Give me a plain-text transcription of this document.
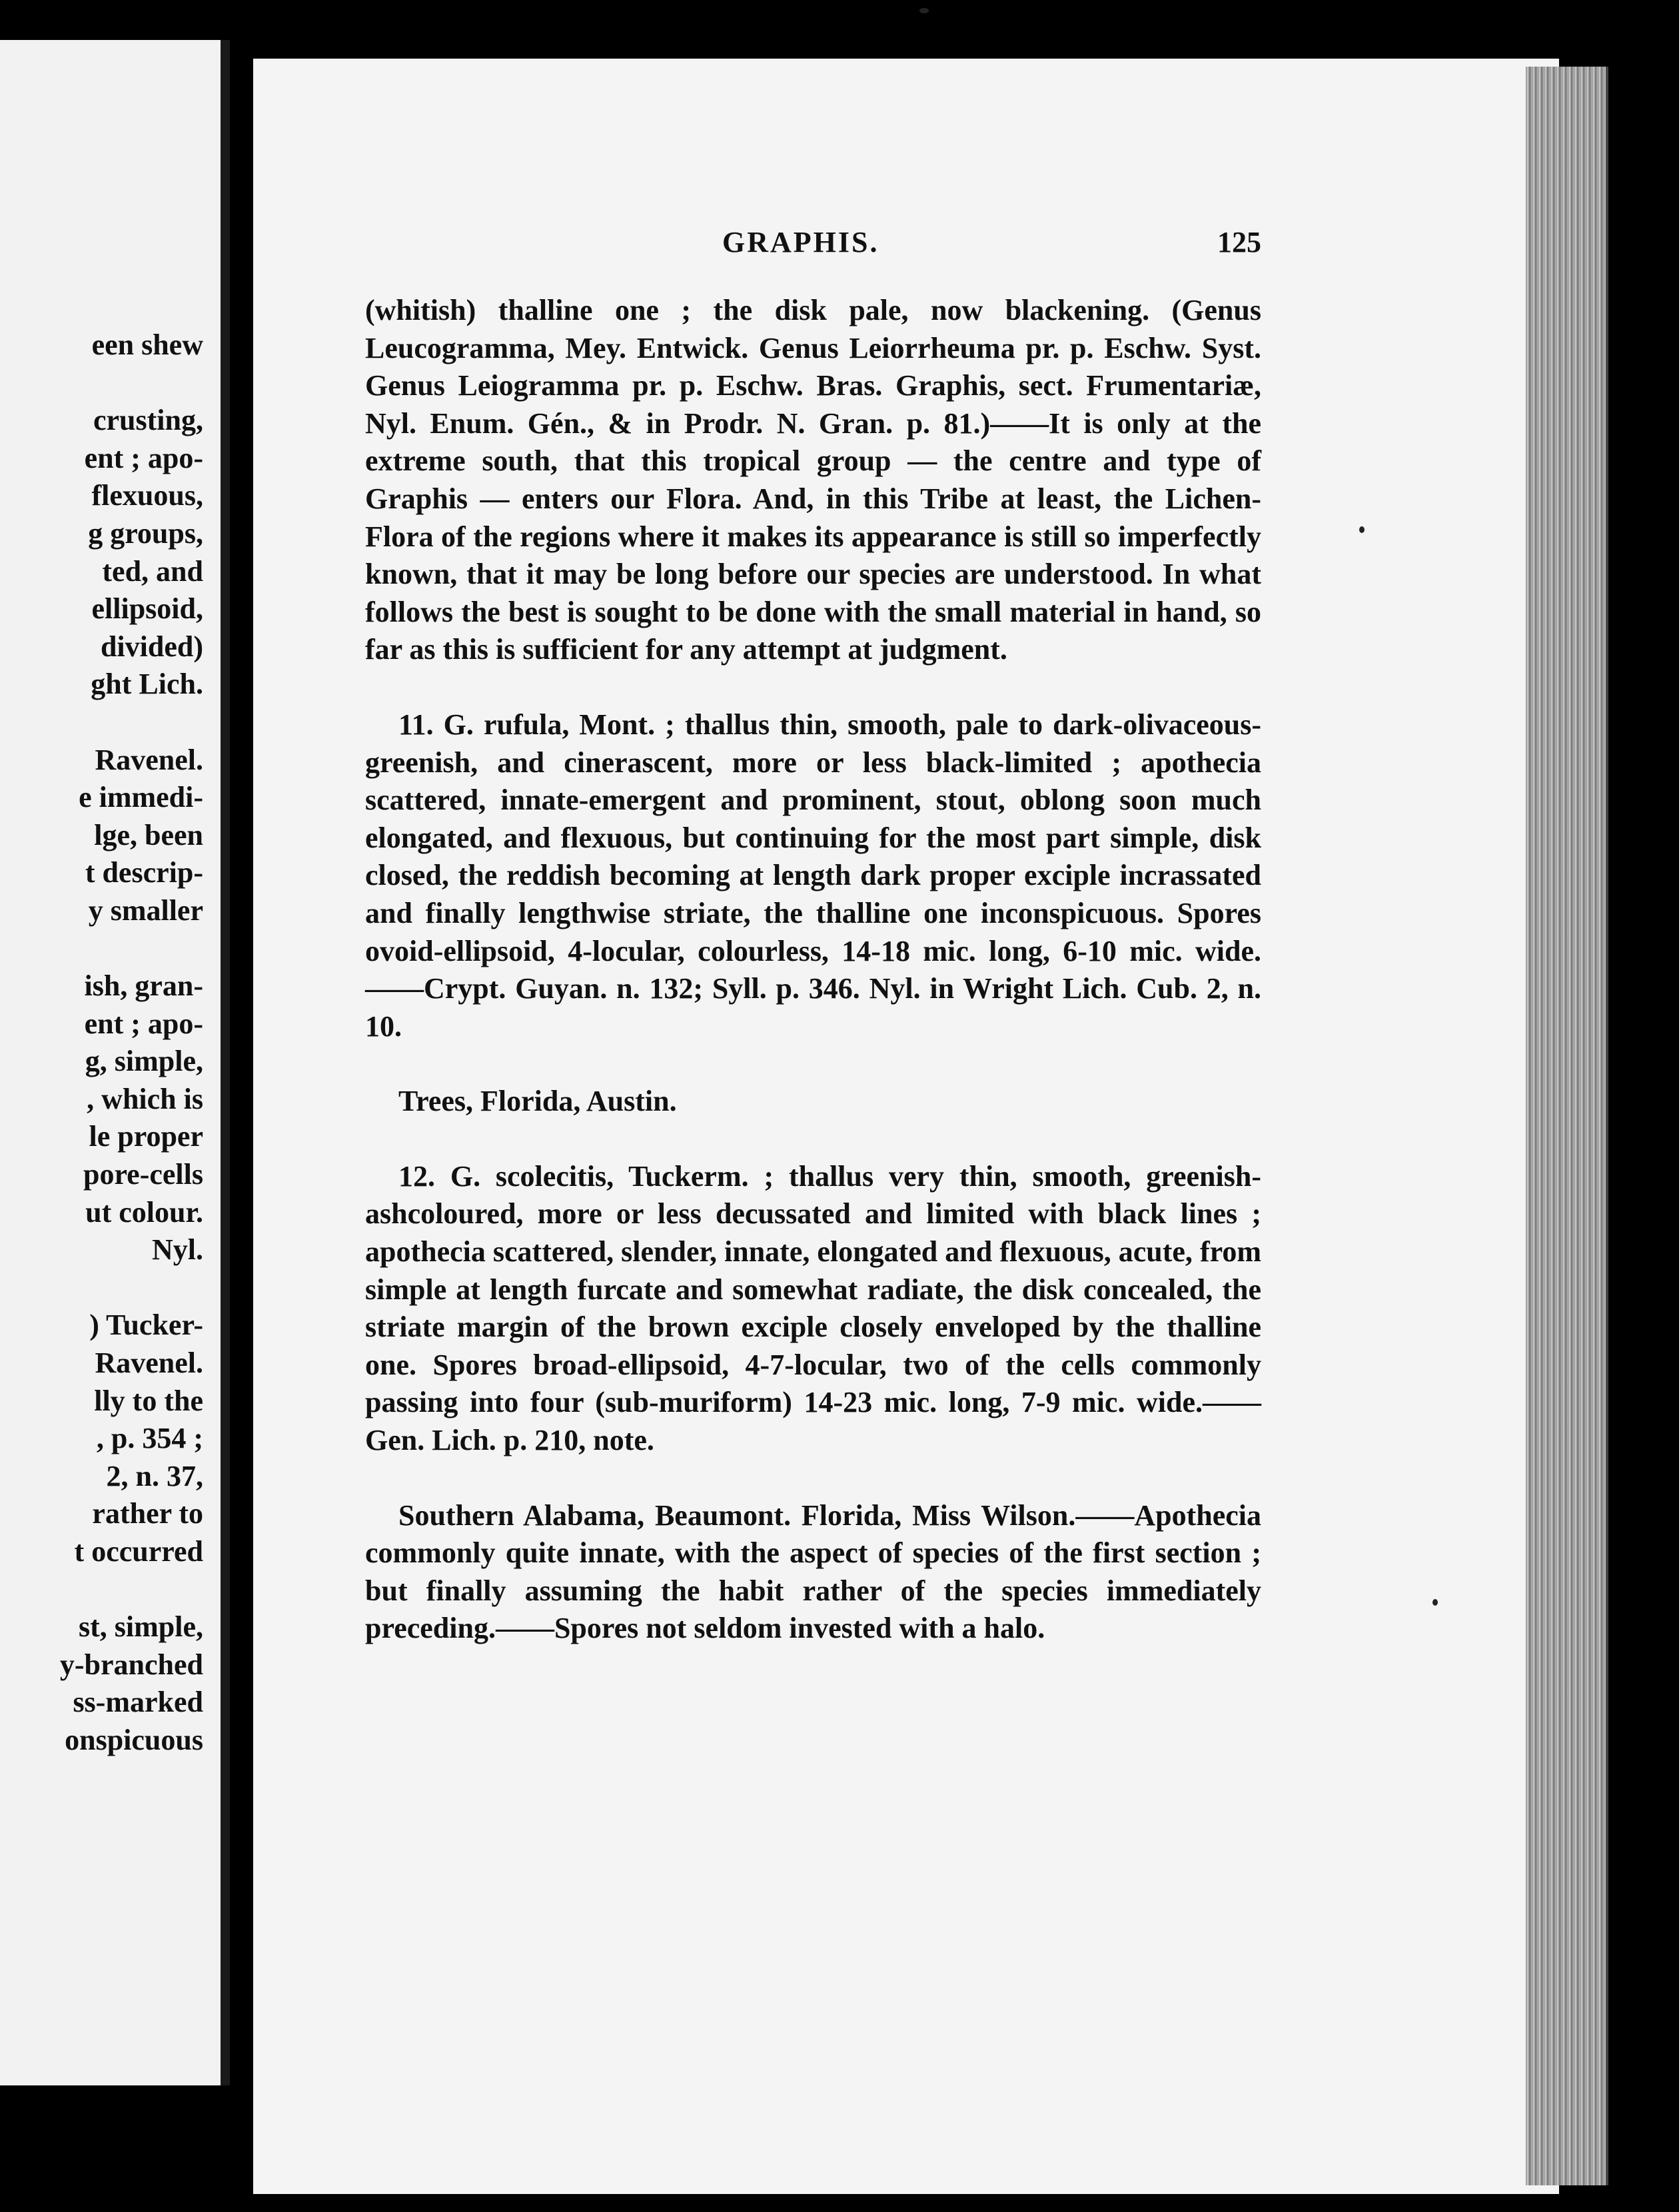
een shew

crusting,
ent ; apo-
flexuous,
g groups,
ted, and
ellipsoid,
divided)
ght Lich.

Ravenel.
e immedi-
lge, been
t descrip-
y smaller

ish, gran-
ent ; apo-
g, simple,
, which is
le proper
pore-cells
ut colour.
Nyl.

) Tucker-
Ravenel.
lly to the
, p. 354 ;
2, n. 37,
rather to
t occurred

st, simple,
y-branched
ss-marked
onspicuous
GRAPHIS.	125

(whitish) thalline one ; the disk pale, now blackening. (Genus Leucogramma, Mey. Entwick. Genus Leiorrheuma pr. p. Eschw. Syst. Genus Leiogramma pr. p. Eschw. Bras. Graphis, sect. Frumentariæ, Nyl. Enum. Gén., & in Prodr. N. Gran. p. 81.)——It is only at the extreme south, that this tropical group — the centre and type of Graphis — enters our Flora. And, in this Tribe at least, the Lichen-Flora of the regions where it makes its appearance is still so imperfectly known, that it may be long before our species are understood. In what follows the best is sought to be done with the small material in hand, so far as this is sufficient for any attempt at judgment.

11. G. rufula, Mont. ; thallus thin, smooth, pale to dark-olivaceous-greenish, and cinerascent, more or less black-limited ; apothecia scattered, innate-emergent and prominent, stout, oblong soon much elongated, and flexuous, but continuing for the most part simple, disk closed, the reddish becoming at length dark proper exciple incrassated and finally lengthwise striate, the thalline one inconspicuous. Spores ovoid-ellipsoid, 4-locular, colourless, 14-18 mic. long, 6-10 mic. wide.——Crypt. Guyan. n. 132; Syll. p. 346. Nyl. in Wright Lich. Cub. 2, n. 10.

Trees, Florida, Austin.

12. G. scolecitis, Tuckerm. ; thallus very thin, smooth, greenish-ashcoloured, more or less decussated and limited with black lines ; apothecia scattered, slender, innate, elongated and flexuous, acute, from simple at length furcate and somewhat radiate, the disk concealed, the striate margin of the brown exciple closely enveloped by the thalline one. Spores broad-ellipsoid, 4-7-locular, two of the cells commonly passing into four (sub-muriform) 14-23 mic. long, 7-9 mic. wide.——Gen. Lich. p. 210, note.

Southern Alabama, Beaumont. Florida, Miss Wilson.——Apothecia commonly quite innate, with the aspect of species of the first section ; but finally assuming the habit rather of the species immediately preceding.——Spores not seldom invested with a halo.
